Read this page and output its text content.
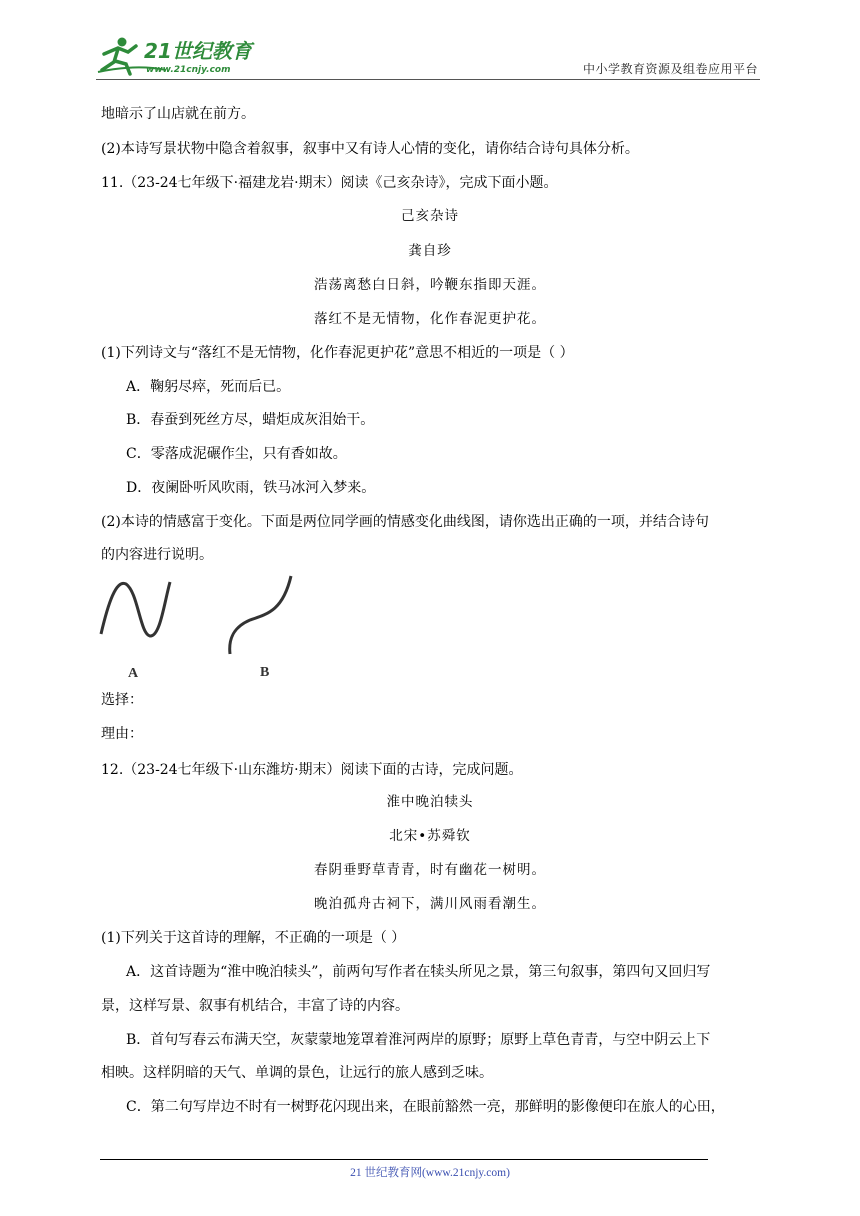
21世纪教育
www.21cnjy.com	中小学教育资源及组卷应用平台
地暗示了山店就在前方。
(2)本诗写景状物中隐含着叙事，叙事中又有诗人心情的变化，请你结合诗句具体分析。
11.（23-24七年级下·福建龙岩·期末）阅读《己亥杂诗》，完成下面小题。
己亥杂诗
龚自珍
浩荡离愁白日斜，吟鞭东指即天涯。
落红不是无情物，化作春泥更护花。
(1)下列诗文与“落红不是无情物，化作春泥更护花”意思不相近的一项是（ ）
A．鞠躬尽瘁，死而后已。
B．春蚕到死丝方尽，蜡炬成灰泪始干。
C．零落成泥碾作尘，只有香如故。
D．夜阑卧听风吹雨，铁马冰河入梦来。
(2)本诗的情感富于变化。下面是两位同学画的情感变化曲线图，请你选出正确的一项，并结合诗句
的内容进行说明。
A	B
选择：
理由：
12.（23-24七年级下·山东潍坊·期末）阅读下面的古诗，完成问题。
淮中晚泊犊头
北宋•苏舜钦
春阴垂野草青青，时有幽花一树明。
晚泊孤舟古祠下，满川风雨看潮生。
(1)下列关于这首诗的理解，不正确的一项是（ ）
A．这首诗题为“淮中晚泊犊头”，前两句写作者在犊头所见之景，第三句叙事，第四句又回归写
景，这样写景、叙事有机结合，丰富了诗的内容。
B．首句写春云布满天空，灰蒙蒙地笼罩着淮河两岸的原野；原野上草色青青，与空中阴云上下
相映。这样阴暗的天气、单调的景色，让远行的旅人感到乏味。
C．第二句写岸边不时有一树野花闪现出来，在眼前豁然一亮，那鲜明的影像便印在旅人的心田，
21 世纪教育网(www.21cnjy.com)
